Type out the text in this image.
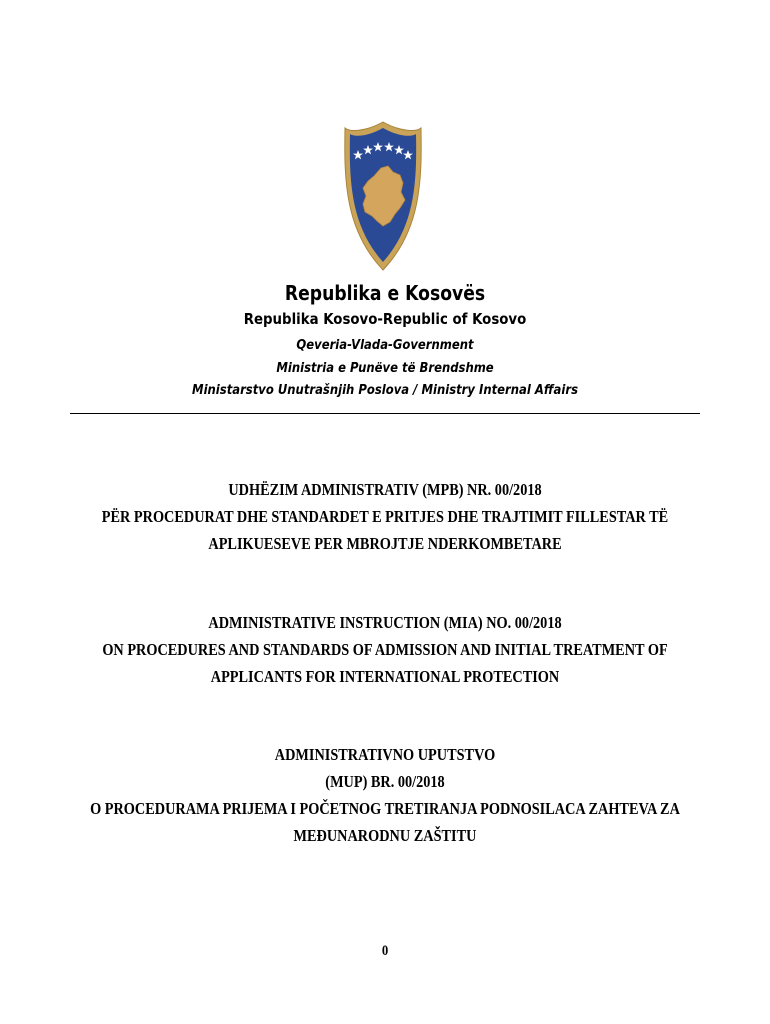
Republika e Kosovës
Republika Kosovo-Republic of Kosovo
Qeveria-Vlada-Government
Ministria e Punëve të Brendshme
Ministarstvo Unutrašnjih Poslova / Ministry Internal Affairs
UDHËZIM ADMINISTRATIV (MPB) NR. 00/2018
PËR PROCEDURAT DHE STANDARDET E PRITJES DHE TRAJTIMIT FILLESTAR TË
APLIKUESEVE PER MBROJTJE NDERKOMBETARE
ADMINISTRATIVE INSTRUCTION (MIA) NO. 00/2018
ON PROCEDURES AND STANDARDS OF ADMISSION AND INITIAL TREATMENT OF
APPLICANTS FOR INTERNATIONAL PROTECTION
ADMINISTRATIVNO UPUTSTVO
(MUP) BR. 00/2018
O PROCEDURAMA PRIJEMA I POČETNOG TRETIRANJA PODNOSILACA ZAHTEVA ZA
MEĐUNARODNU ZAŠTITU
0
